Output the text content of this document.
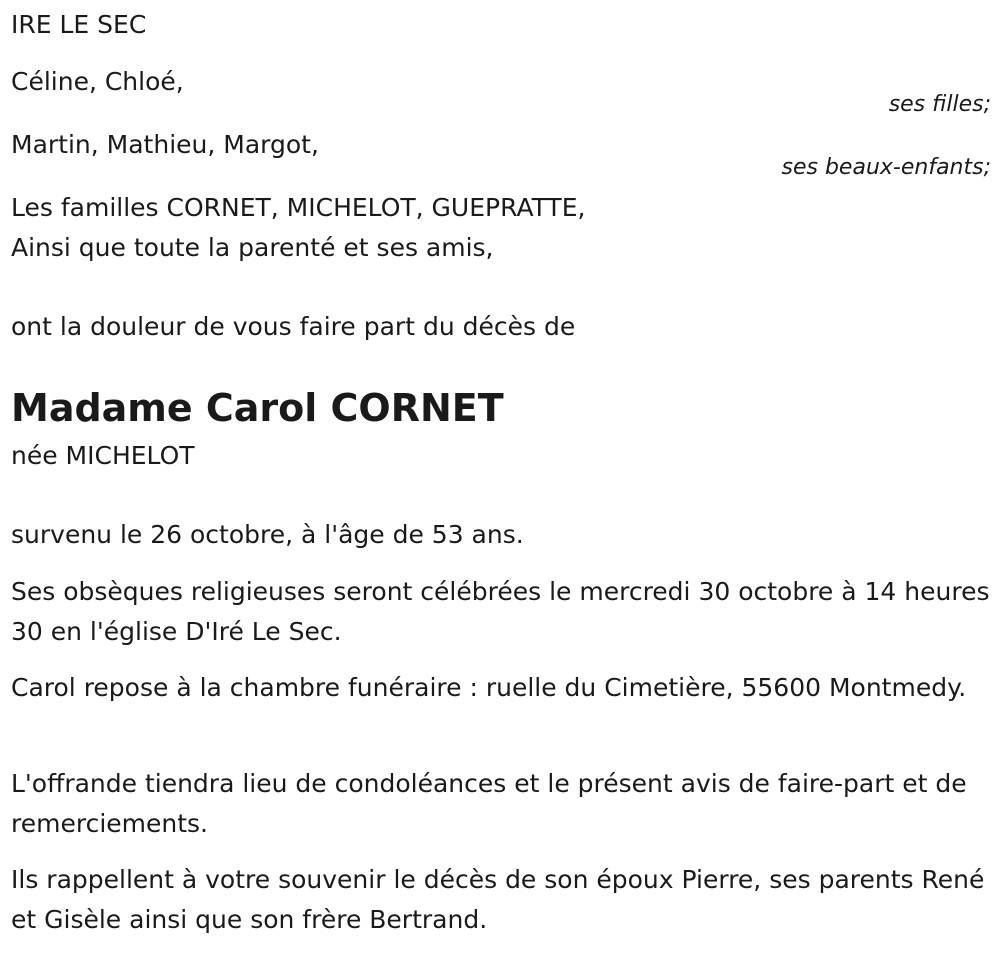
IRE LE SEC

Céline, Chloé,

ses filles;

Martin, Mathieu, Margot,

ses beaux-enfants;

Les familles CORNET, MICHELOT, GUEPRATTE,

Ainsi que toute la parenté et ses amis,

ont la douleur de vous faire part du décès de

Madame Carol CORNET

née MICHELOT

survenu le 26 octobre, à l'âge de 53 ans.

Ses obsèques religieuses seront célébrées le mercredi 30 octobre à 14 heures 30 en l'église D'Iré Le Sec.

Carol repose à la chambre funéraire : ruelle du Cimetière, 55600 Montmedy.

L'offrande tiendra lieu de condoléances et le présent avis de faire-part et de remerciements.

Ils rappellent à votre souvenir le décès de son époux Pierre, ses parents René et Gisèle ainsi que son frère Bertrand.
